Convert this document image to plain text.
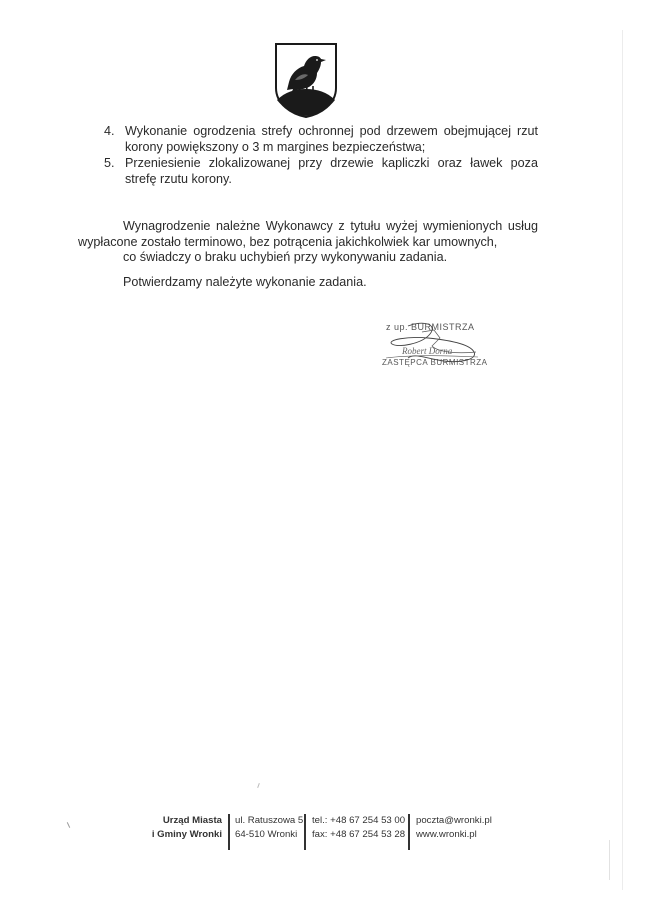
4. Wykonanie ogrodzenia strefy ochronnej pod drzewem obejmującej rzut korony powiększony o 3 m margines bezpieczeństwa;
5. Przeniesienie zlokalizowanej przy drzewie kapliczki oraz ławek poza strefę rzutu korony.
Wynagrodzenie należne Wykonawcy z tytułu wyżej wymienionych usług wypłacone zostało terminowo, bez potrącenia jakichkolwiek kar umownych,
co świadczy o braku uchybień przy wykonywaniu zadania.
Potwierdzamy należyte wykonanie zadania.
z up. BURMISTRZA
Robert Dorna
ZASTĘPCA BURMISTRZA
Urząd Miasta
i Gminy Wronki
ul. Ratuszowa 5
64-510 Wronki
tel.: +48 67 254 53 00
fax: +48 67 254 53 28
poczta@wronki.pl
www.wronki.pl
